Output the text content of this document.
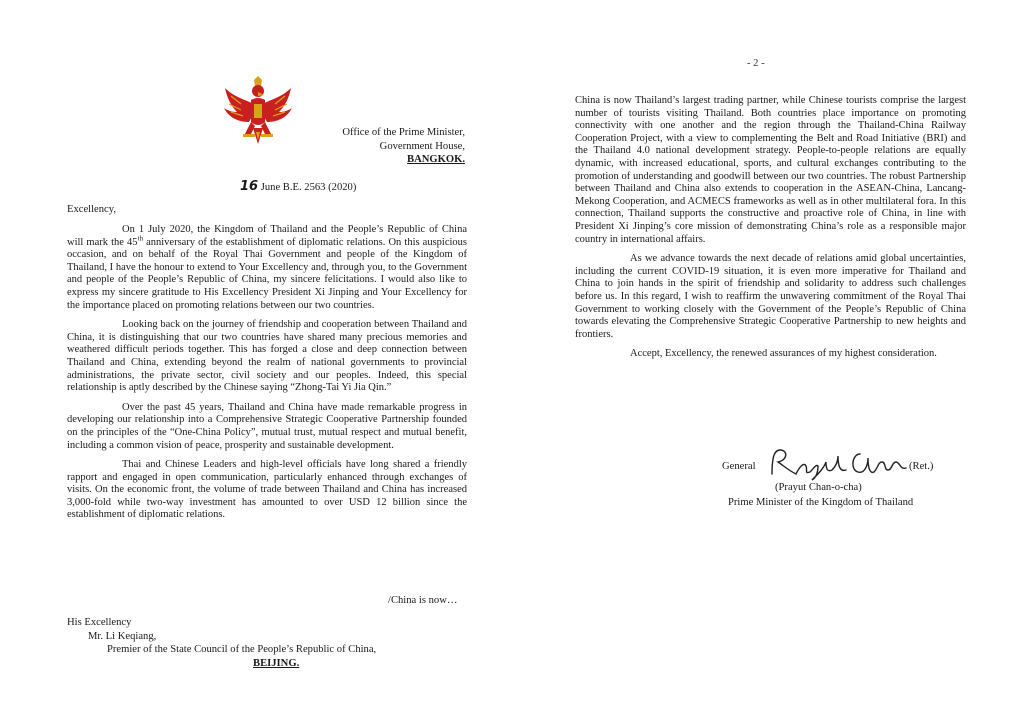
Office of the Prime Minister,
Government House,
BANGKOK.
16 June B.E. 2563 (2020)
Excellency,

On 1 July 2020, the Kingdom of Thailand and the People’s Republic of China will mark the 45th anniversary of the establishment of diplomatic relations. On this auspicious occasion, and on behalf of the Royal Thai Government and people of the Kingdom of Thailand, I have the honour to extend to Your Excellency and, through you, to the Government and people of the People’s Republic of China, my sincere felicitations. I would also like to express my sincere gratitude to His Excellency President Xi Jinping and Your Excellency for the importance placed on promoting relations between our two countries.

Looking back on the journey of friendship and cooperation between Thailand and China, it is distinguishing that our two countries have shared many precious memories and weathered difficult periods together. This has forged a close and deep connection between Thailand and China, extending beyond the realm of national governments to provincial administrations, the private sector, civil society and our peoples. Indeed, this special relationship is aptly described by the Chinese saying “Zhong-Tai Yi Jia Qin.”

Over the past 45 years, Thailand and China have made remarkable progress in developing our relationship into a Comprehensive Strategic Cooperative Partnership founded on the principles of the “One-China Policy”, mutual trust, mutual respect and mutual benefit, including a common vision of peace, prosperity and sustainable development.

Thai and Chinese Leaders and high-level officials have long shared a friendly rapport and engaged in open communication, particularly enhanced through exchanges of visits. On the economic front, the volume of trade between Thailand and China has increased 3,000-fold while two-way investment has amounted to over USD 12 billion since the establishment of diplomatic relations.

/China is now…
His Excellency
Mr. Li Keqiang,
Premier of the State Council of the People’s Republic of China,
BEIJING.
- 2 -

China is now Thailand’s largest trading partner, while Chinese tourists comprise the largest number of tourists visiting Thailand. Both countries place importance on promoting connectivity with one another and the region through the Thailand-China Railway Cooperation Project, with a view to complementing the Belt and Road Initiative (BRI) and the Thailand 4.0 national development strategy. People-to-people relations are equally dynamic, with increased educational, sports, and cultural exchanges contributing to the promotion of understanding and goodwill between our two countries. The robust Partnership between Thailand and China also extends to cooperation in the ASEAN-China, Lancang-Mekong Cooperation, and ACMECS frameworks as well as in other multilateral fora. In this connection, Thailand supports the constructive and proactive role of China, in line with President Xi Jinping’s core mission of demonstrating China’s role as a responsible major country in international affairs.

As we advance towards the next decade of relations amid global uncertainties, including the current COVID-19 situation, it is even more imperative for Thailand and China to join hands in the spirit of friendship and solidarity to address such challenges before us. In this regard, I wish to reaffirm the unwavering commitment of the Royal Thai Government to working closely with the Government of the People’s Republic of China towards elevating the Comprehensive Strategic Cooperative Partnership to new heights and frontiers.

Accept, Excellency, the renewed assurances of my highest consideration.

General	(Ret.)
(Prayut Chan-o-cha)
Prime Minister of the Kingdom of Thailand
